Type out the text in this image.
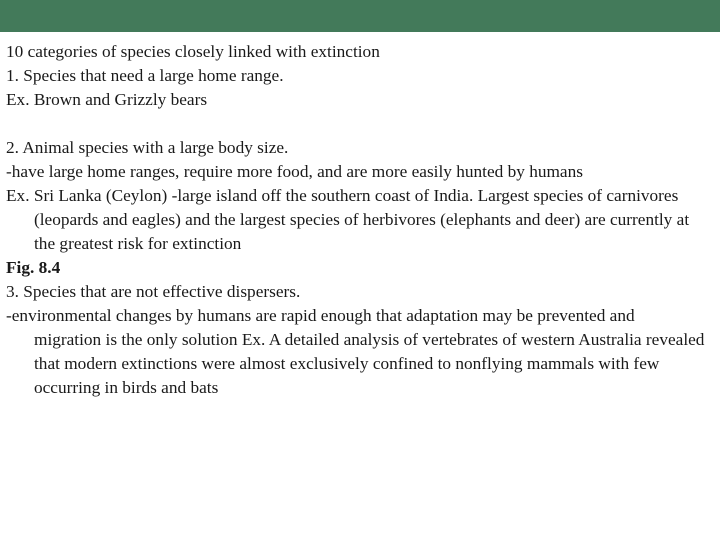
10 categories of species closely linked with extinction

1. Species that need a large home range.

Ex. Brown and Grizzly bears

2. Animal species with a large body size.

-have large home ranges, require more food, and are more easily hunted by humans

Ex. Sri Lanka (Ceylon) -large island off the southern coast of India. Largest species of carnivores (leopards and eagles) and the largest species of herbivores (elephants and deer) are currently at the greatest risk for extinction

Fig. 8.4

3. Species that are not effective dispersers.

-environmental changes by humans are rapid enough that adaptation may be prevented and migration is the only solution Ex. A detailed analysis of vertebrates of western Australia revealed that modern extinctions were almost exclusively confined to nonflying mammals with few occurring in birds and bats
